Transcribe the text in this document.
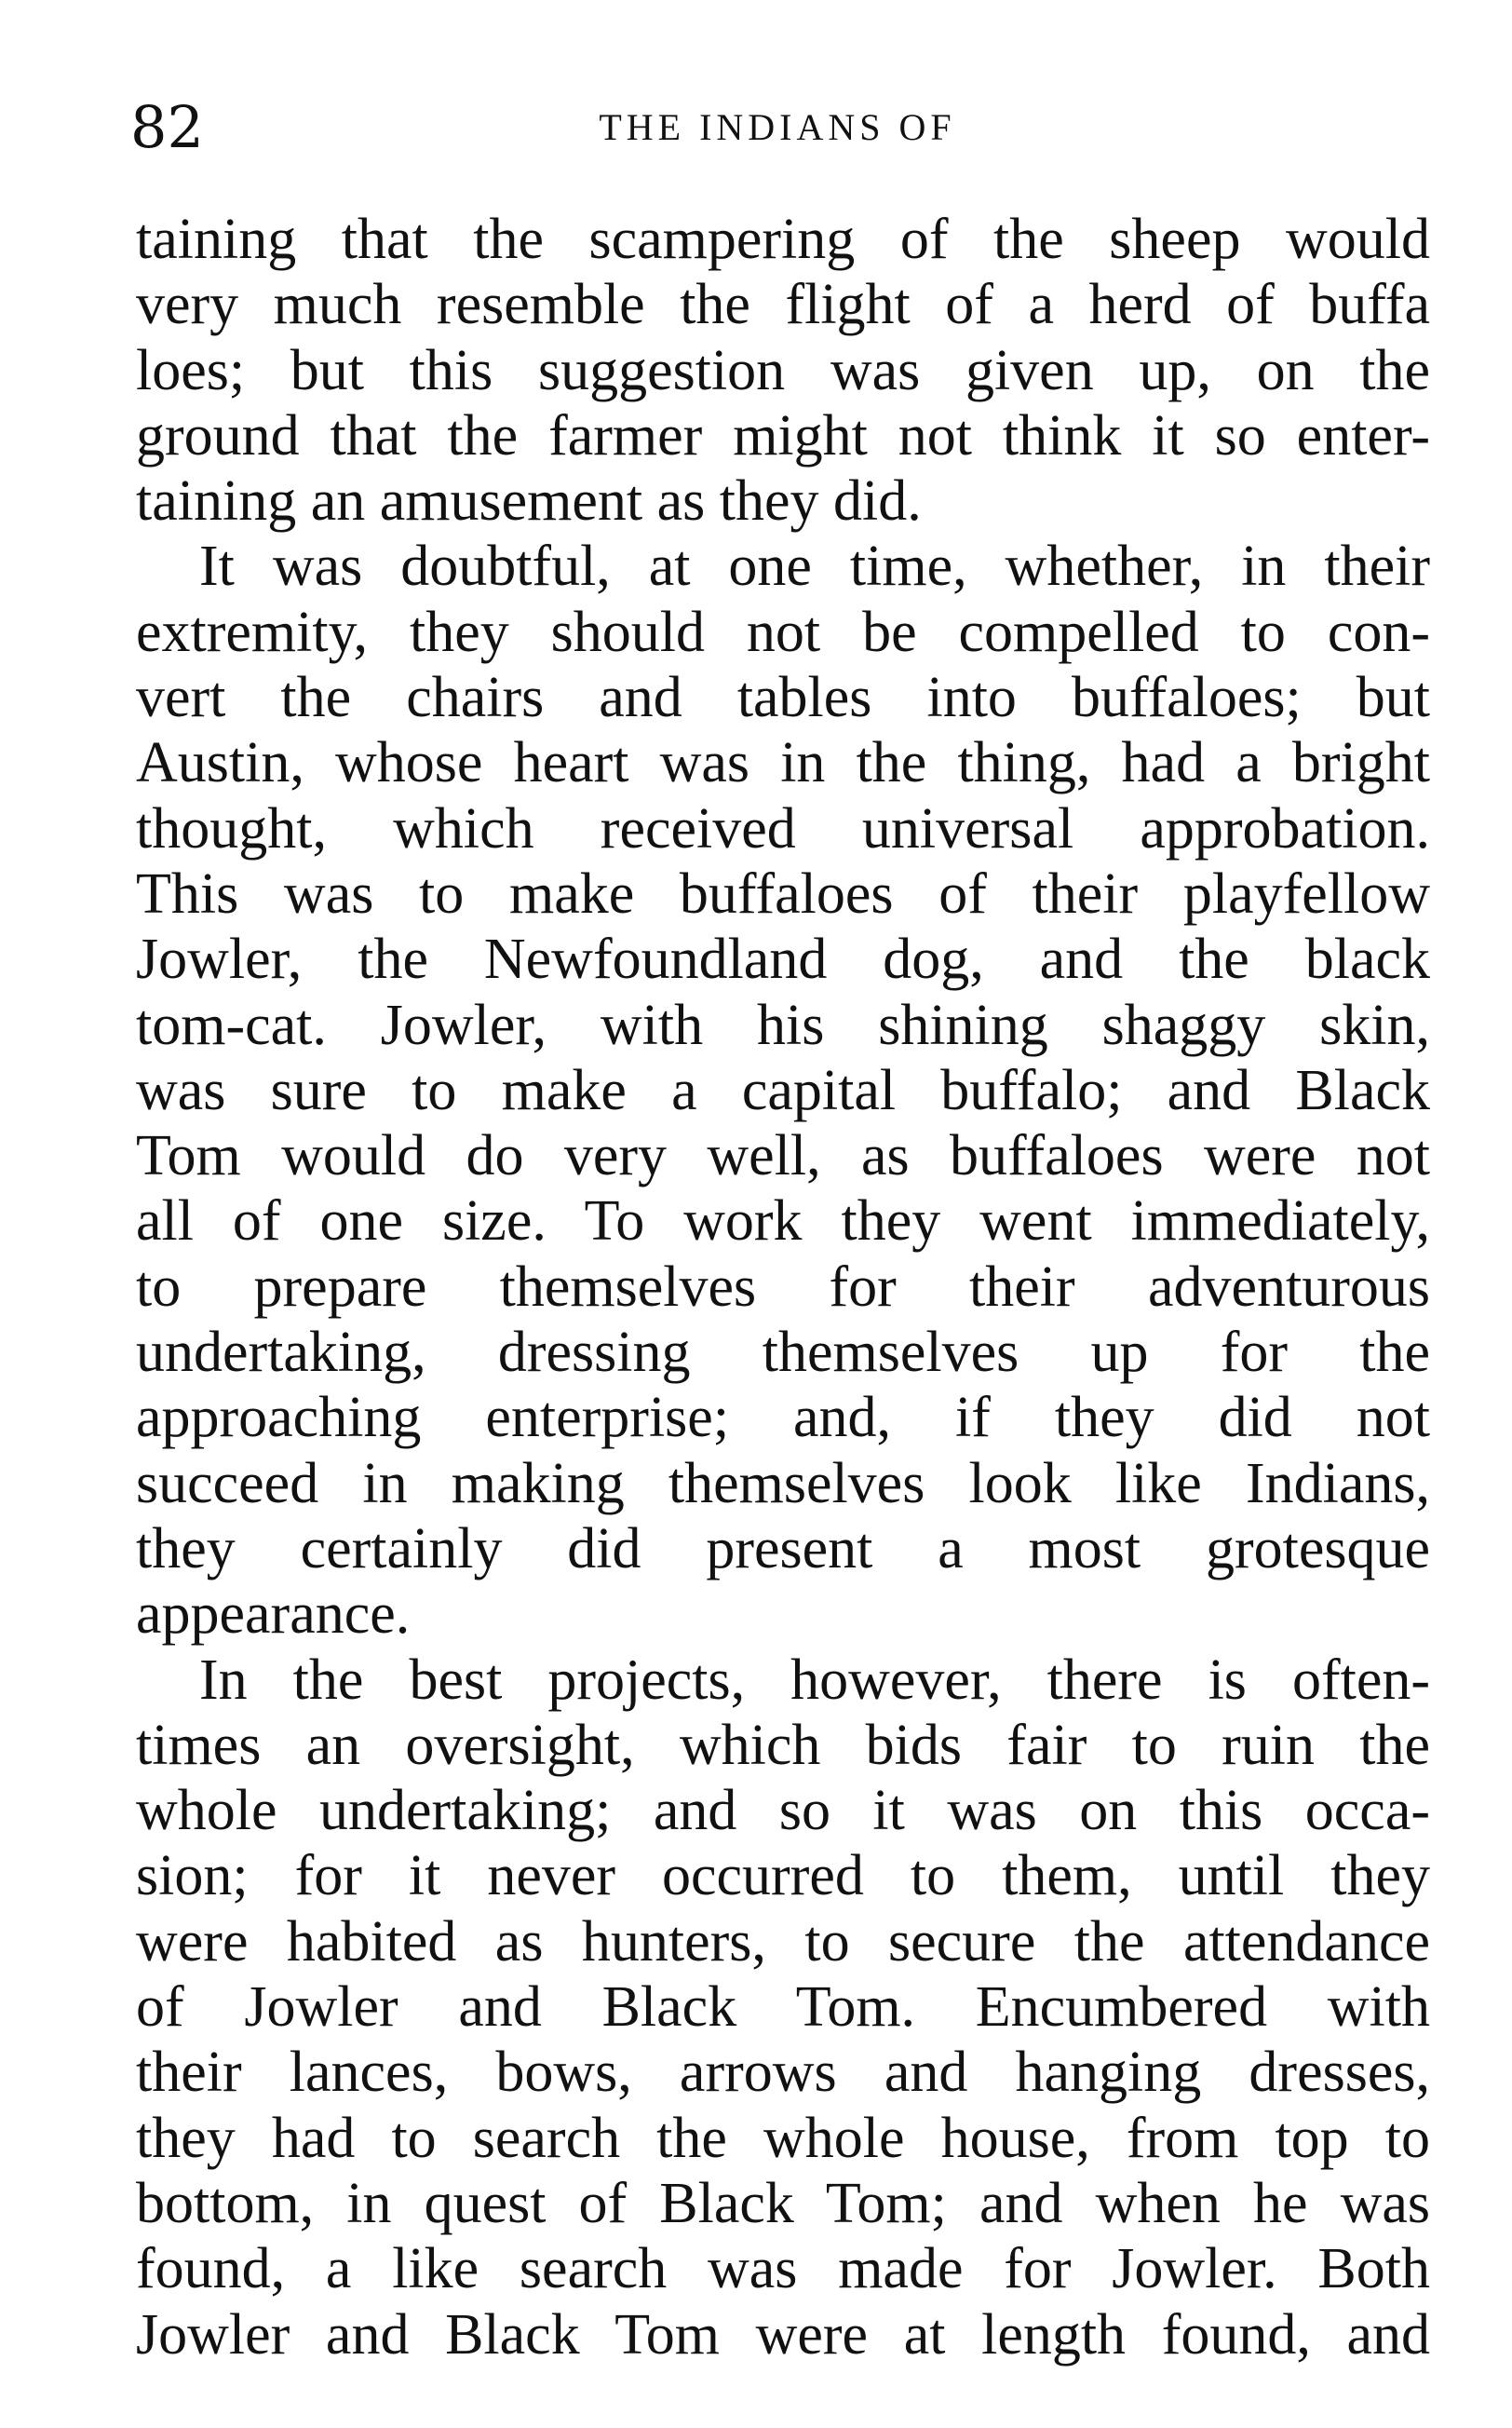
82	THE INDIANS OF
taining that the scampering of the sheep would
very much resemble the flight of a herd of buffa
loes; but this suggestion was given up, on the
ground that the farmer might not think it so enter-
taining an amusement as they did.
It was doubtful, at one time, whether, in their
extremity, they should not be compelled to con-
vert the chairs and tables into buffaloes; but
Austin, whose heart was in the thing, had a bright
thought, which received universal approbation.
This was to make buffaloes of their playfellow
Jowler, the Newfoundland dog, and the black
tom-cat. Jowler, with his shining shaggy skin,
was sure to make a capital buffalo; and Black
Tom would do very well, as buffaloes were not
all of one size. To work they went immediately,
to prepare themselves for their adventurous
undertaking, dressing themselves up for the
approaching enterprise; and, if they did not
succeed in making themselves look like Indians,
they certainly did present a most grotesque
appearance.
In the best projects, however, there is often-
times an oversight, which bids fair to ruin the
whole undertaking; and so it was on this occa-
sion; for it never occurred to them, until they
were habited as hunters, to secure the attendance
of Jowler and Black Tom. Encumbered with
their lances, bows, arrows and hanging dresses,
they had to search the whole house, from top to
bottom, in quest of Black Tom; and when he was
found, a like search was made for Jowler. Both
Jowler and Black Tom were at length found, and
